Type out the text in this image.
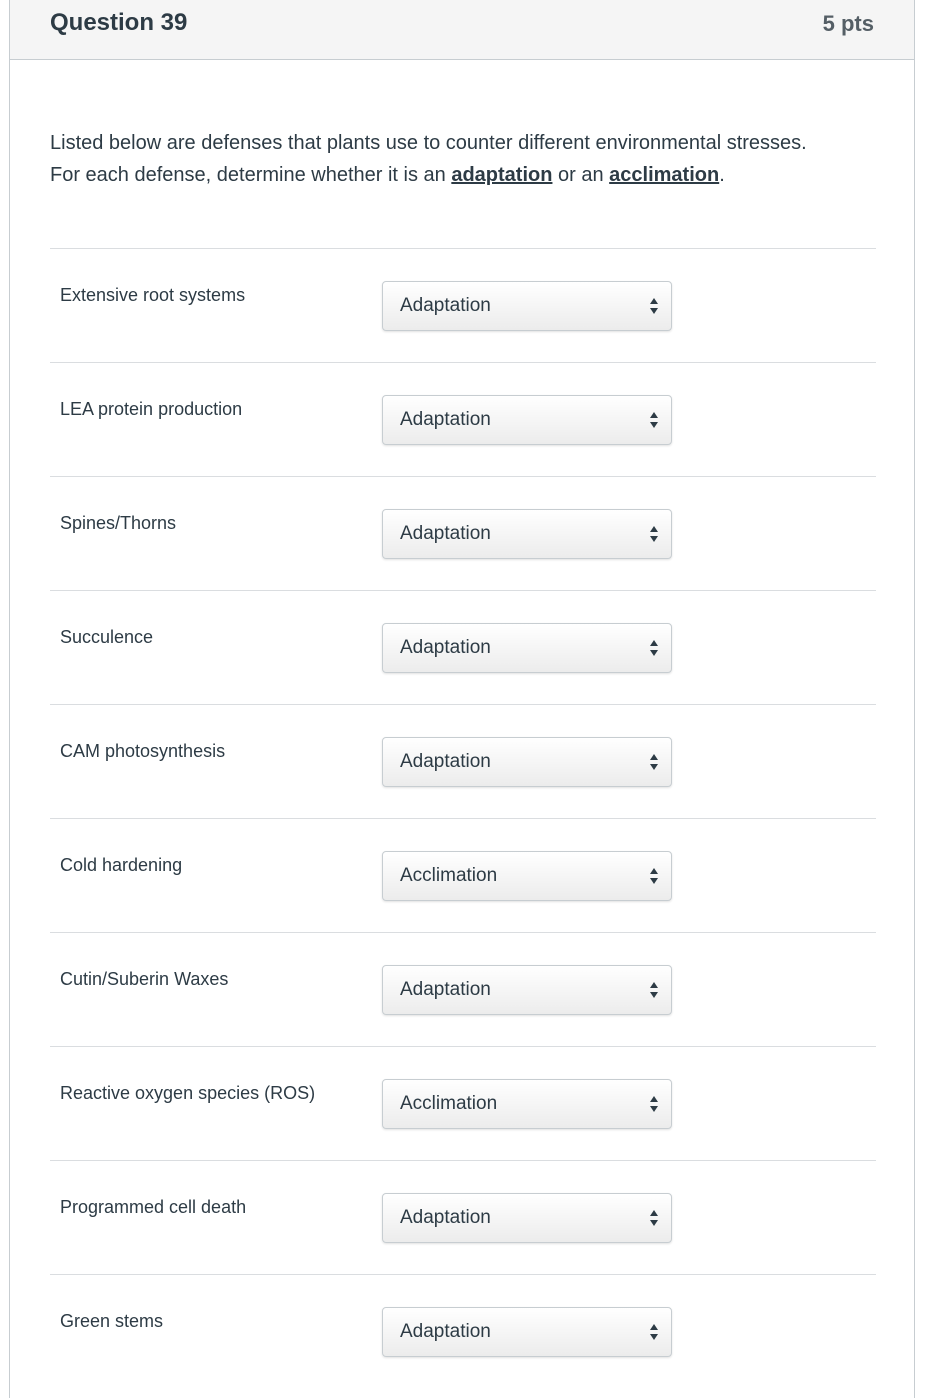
Question 39	5 pts
Listed below are defenses that plants use to counter different environmental stresses.
For each defense, determine whether it is an adaptation or an acclimation.
Extensive root systems	Adaptation
LEA protein production	Adaptation
Spines/Thorns	Adaptation
Succulence	Adaptation
CAM photosynthesis	Adaptation
Cold hardening	Acclimation
Cutin/Suberin Waxes	Adaptation
Reactive oxygen species (ROS)	Acclimation
Programmed cell death	Adaptation
Green stems	Adaptation
